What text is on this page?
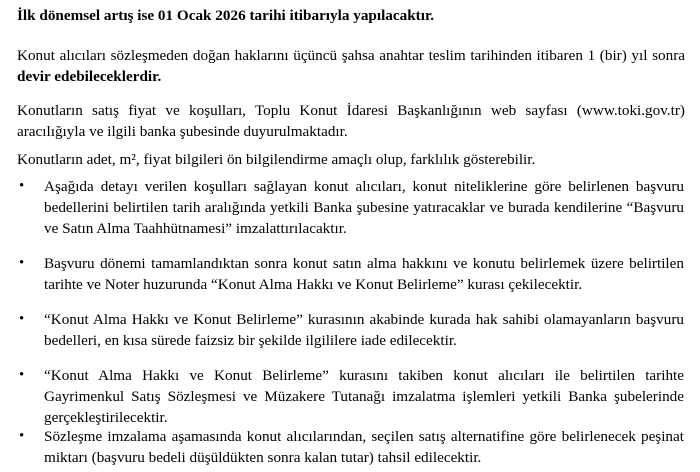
İlk dönemsel artış ise 01 Ocak 2026 tarihi itibarıyla yapılacaktır.

Konut alıcıları sözleşmeden doğan haklarını üçüncü şahsa anahtar teslim tarihinden itibaren 1 (bir) yıl sonra devir edebileceklerdir.

Konutların satış fiyat ve koşulları, Toplu Konut İdaresi Başkanlığının web sayfası (www.toki.gov.tr) aracılığıyla ve ilgili banka şubesinde duyurulmaktadır.

Konutların adet, m², fiyat bilgileri ön bilgilendirme amaçlı olup, farklılık gösterebilir.

• Aşağıda detayı verilen koşulları sağlayan konut alıcıları, konut niteliklerine göre belirlenen başvuru bedellerini belirtilen tarih aralığında yetkili Banka şubesine yatıracaklar ve burada kendilerine “Başvuru ve Satın Alma Taahhütnamesi” imzalattırılacaktır.

• Başvuru dönemi tamamlandıktan sonra konut satın alma hakkını ve konutu belirlemek üzere belirtilen tarihte ve Noter huzurunda “Konut Alma Hakkı ve Konut Belirleme” kurası çekilecektir.

• “Konut Alma Hakkı ve Konut Belirleme” kurasının akabinde kurada hak sahibi olamayanların başvuru bedelleri, en kısa sürede faizsiz bir şekilde ilgililere iade edilecektir.

• “Konut Alma Hakkı ve Konut Belirleme” kurasını takiben konut alıcıları ile belirtilen tarihte Gayrimenkul Satış Sözleşmesi ve Müzakere Tutanağı imzalatma işlemleri yetkili Banka şubelerinde gerçekleştirilecektir.

• Sözleşme imzalama aşamasında konut alıcılarından, seçilen satış alternatifine göre belirlenecek peşinat miktarı (başvuru bedeli düşüldükten sonra kalan tutar) tahsil edilecektir.
